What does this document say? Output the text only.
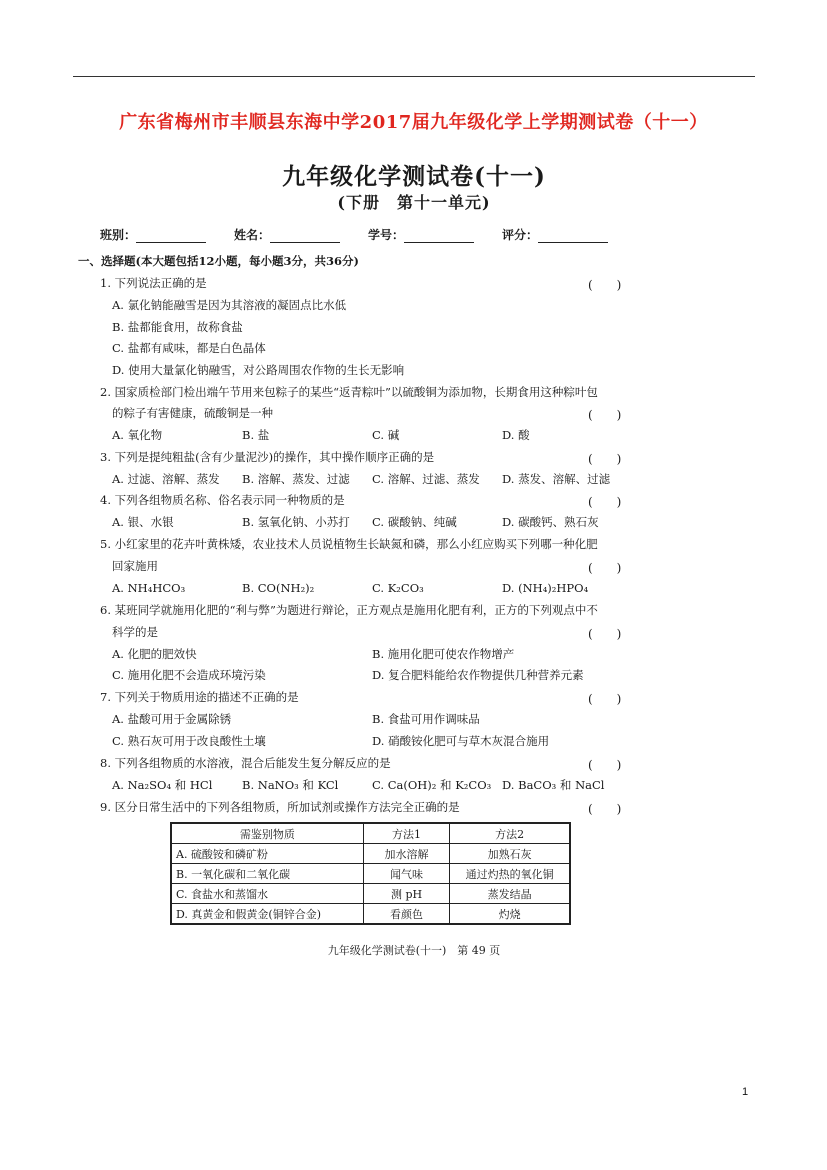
广东省梅州市丰顺县东海中学2017届九年级化学上学期测试卷（十一）
九年级化学测试卷(十一)
(下册　第十一单元)
班别：	姓名：	学号：	评分：
一、选择题(本大题包括12小题，每小题3分，共36分)
1. 下列说法正确的是	(　　)
A. 氯化钠能融雪是因为其溶液的凝固点比水低
B. 盐都能食用，故称食盐
C. 盐都有咸味，都是白色晶体
D. 使用大量氯化钠融雪，对公路周围农作物的生长无影响
2. 国家质检部门检出端午节用来包粽子的某些“返青粽叶”以硫酸铜为添加物，长期食用这种粽叶包
的粽子有害健康，硫酸铜是一种	(　　)
A. 氧化物	B. 盐	C. 碱	D. 酸
3. 下列是提纯粗盐(含有少量泥沙)的操作，其中操作顺序正确的是	(　　)
A. 过滤、溶解、蒸发 B. 溶解、蒸发、过滤 C. 溶解、过滤、蒸发 D. 蒸发、溶解、过滤
4. 下列各组物质名称、俗名表示同一种物质的是	(　　)
A. 银、水银	B. 氢氧化钠、小苏打 C. 碳酸钠、纯碱	D. 碳酸钙、熟石灰
5. 小红家里的花卉叶黄株矮，农业技术人员说植物生长缺氮和磷，那么小红应购买下列哪一种化肥
回家施用	(　　)
A. NH₄HCO₃	B. CO(NH₂)₂	C. K₂CO₃	D. (NH₄)₂HPO₄
6. 某班同学就施用化肥的“利与弊”为题进行辩论，正方观点是施用化肥有利，正方的下列观点中不
科学的是	(　　)
A. 化肥的肥效快	B. 施用化肥可使农作物增产
C. 施用化肥不会造成环境污染	D. 复合肥料能给农作物提供几种营养元素
7. 下列关于物质用途的描述不正确的是	(　　)
A. 盐酸可用于金属除锈	B. 食盐可用作调味品
C. 熟石灰可用于改良酸性土壤	D. 硝酸铵化肥可与草木灰混合施用
8. 下列各组物质的水溶液，混合后能发生复分解反应的是	(　　)
A. Na₂SO₄ 和 HCl	B. NaNO₃ 和 KCl	C. Ca(OH)₂ 和 K₂CO₃ D. BaCO₃ 和 NaCl
9. 区分日常生活中的下列各组物质，所加试剂或操作方法完全正确的是	(　　)
需鉴别物质	方法1	方法2
A. 硫酸铵和磷矿粉	加水溶解	加熟石灰
B. 一氧化碳和二氧化碳	闻气味	通过灼热的氧化铜
C. 食盐水和蒸馏水	测 pH	蒸发结晶
D. 真黄金和假黄金(铜锌合金)	看颜色	灼烧
九年级化学测试卷(十一)　第 49 页
1
